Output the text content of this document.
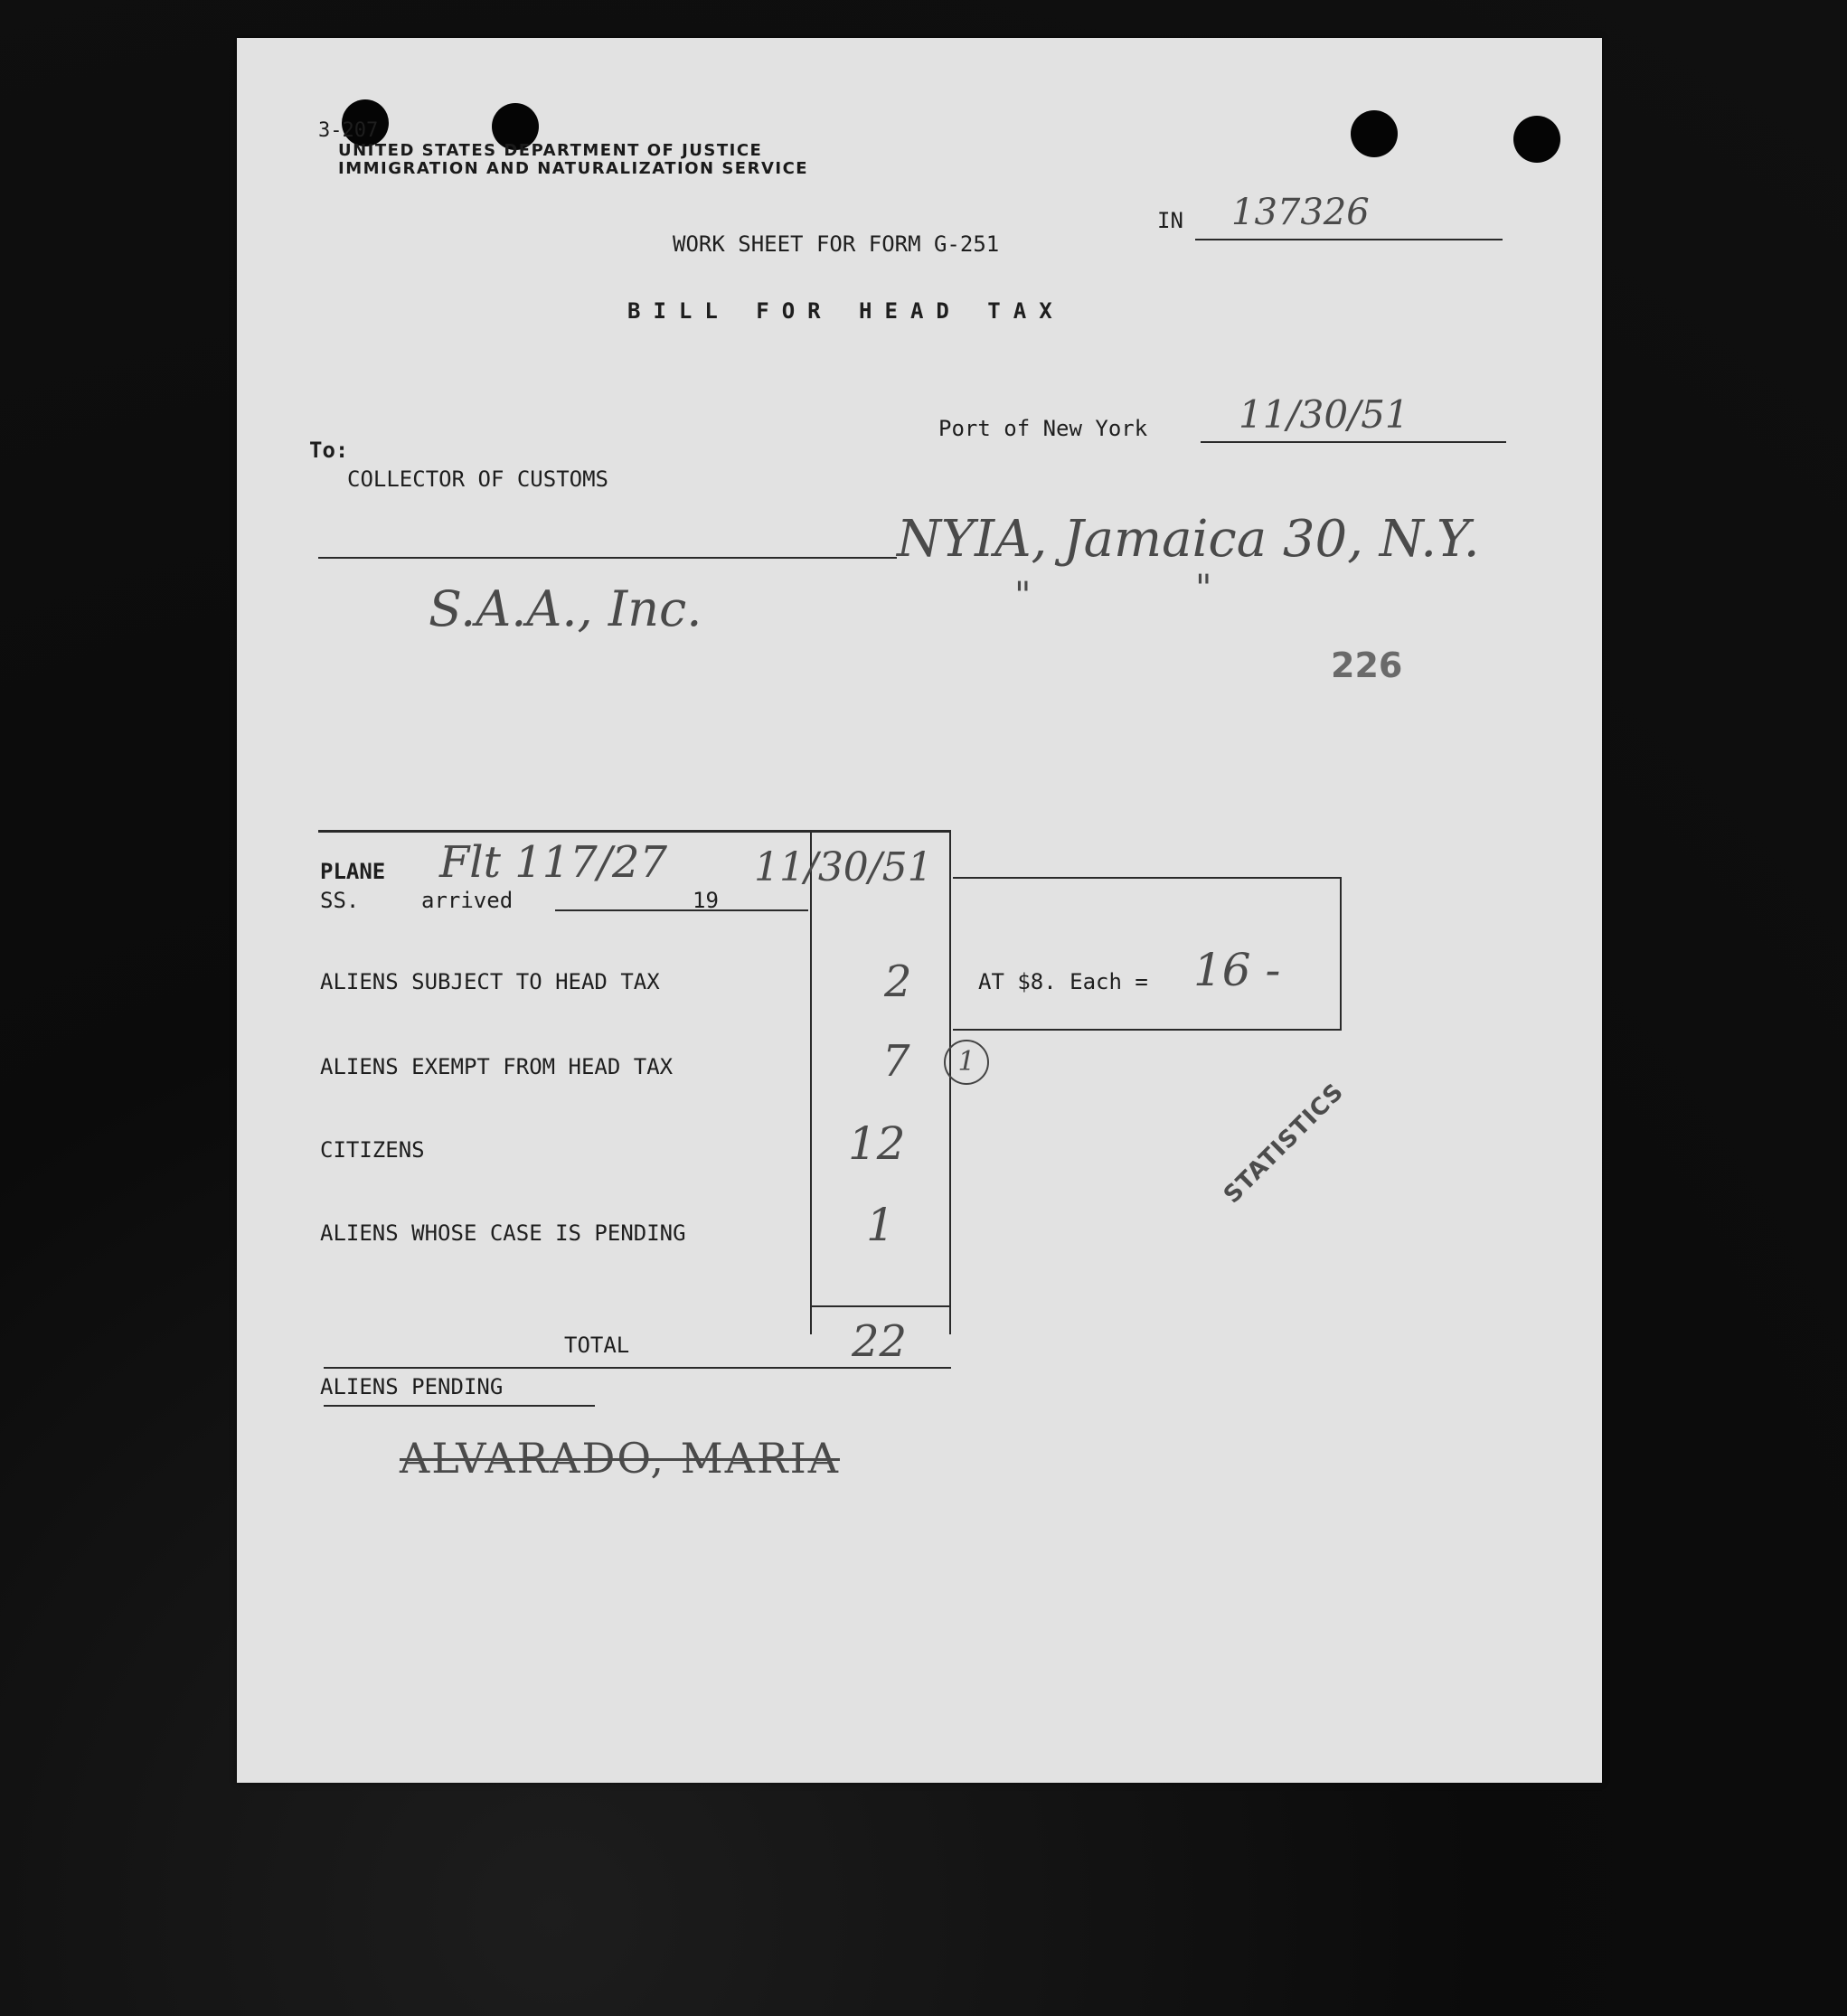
3-207
UNITED STATES DEPARTMENT OF JUSTICE
IMMIGRATION AND NATURALIZATION SERVICE
IN 137326
WORK SHEET FOR FORM G-251
BILL FOR HEAD TAX
Port of New York 11/30/51
To:
COLLECTOR OF CUSTOMS
NYIA, Jamaica 30, N.Y.
S.A.A., Inc.	"	"
226
PLANE
SS.	arrived	19
Flt 117/27 11/30/51
ALIENS SUBJECT TO HEAD TAX	2	AT $8. Each = 16 -
ALIENS EXEMPT FROM HEAD TAX	7	1
CITIZENS	12
ALIENS WHOSE CASE IS PENDING	1
TOTAL	22
ALIENS PENDING
ALVARADO, MARIA
STATISTICS
